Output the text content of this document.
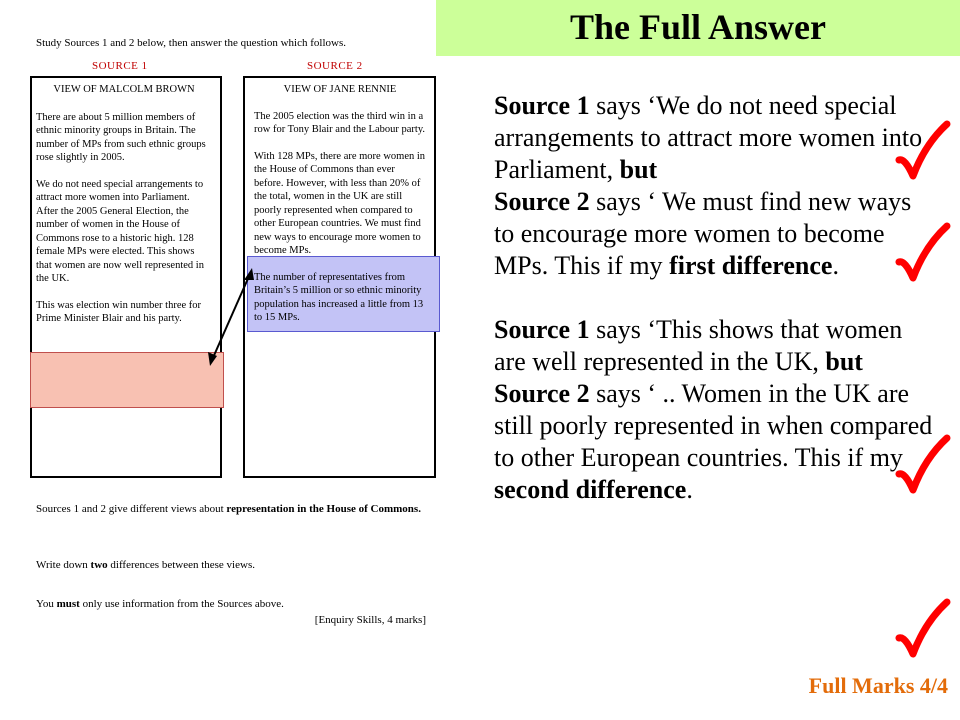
Study Sources 1 and 2 below, then answer the question which follows.
SOURCE 1	SOURCE 2
VIEW OF MALCOLM BROWN

There are about 5 million members of ethnic minority groups in Britain. The number of MPs from such ethnic groups rose slightly in 2005.

We do not need special arrangements to attract more women into Parliament. After the 2005 General Election, the number of women in the House of Commons rose to a historic high. 128 female MPs were elected. This shows that women are now well represented in the UK.

This was election win number three for Prime Minister Blair and his party.

VIEW OF JANE RENNIE

The 2005 election was the third win in a row for Tony Blair and the Labour party.

With 128 MPs, there are more women in the House of Commons than ever before. However, with less than 20% of the total, women in the UK are still poorly represented when compared to other European countries. We must find new ways to encourage more women to become MPs.

The number of representatives from Britain’s 5 million or so ethnic minority population has increased a little from 13 to 15 MPs.

Sources 1 and 2 give different views about representation in the House of Commons.
Write down two differences between these views.
You must only use information from the Sources above.
[Enquiry Skills, 4 marks]
The Full Answer
Source 1 says ‘We do not need special arrangements to attract more women into Parliament, but
Source 2 says ‘ We must find new ways to encourage more women to become MPs. This if my first difference.
Source 1 says ‘This shows that women are well represented in the UK, but Source 2 says ‘ .. Women in the UK are still poorly represented in when compared to other European countries. This if my second difference.
Full Marks 4/4
